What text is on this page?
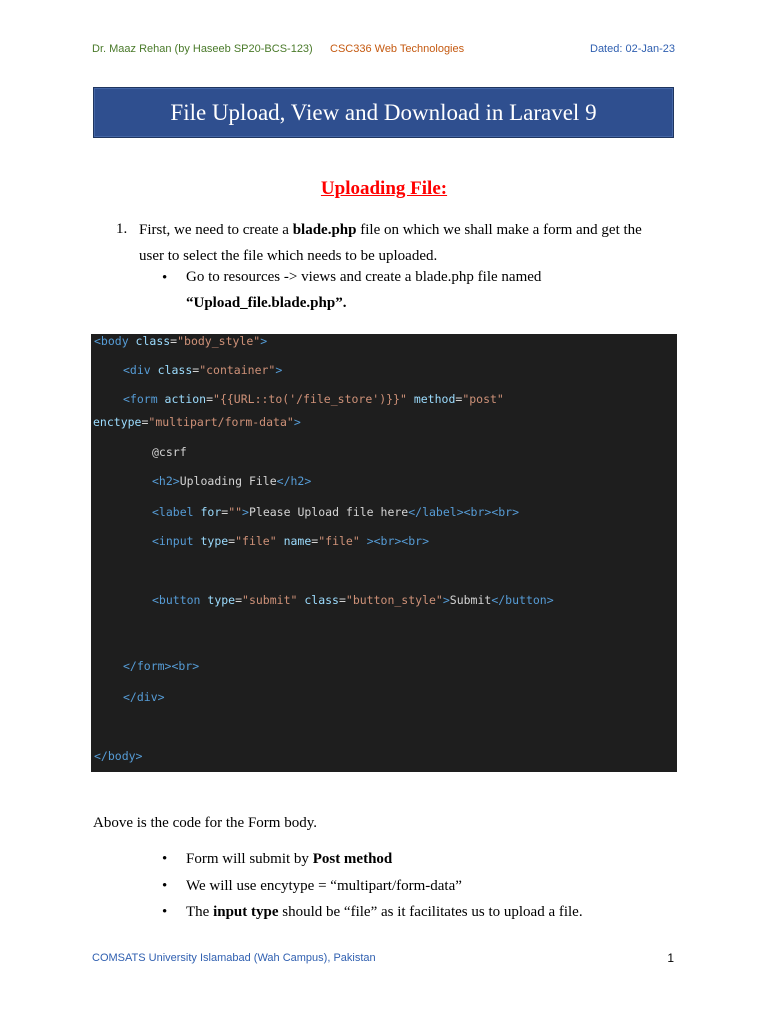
Dr. Maaz Rehan (by Haseeb SP20-BCS-123) CSC336 Web Technologies	Dated: 02-Jan-23
File Upload, View and Download in Laravel 9
Uploading File:
1. First, we need to create a blade.php file on which we shall make a form and get the
user to select the file which needs to be uploaded.
• Go to resources -> views and create a blade.php file named
“Upload_file.blade.php”.
<body class="body_style">
<div class="container">
<form action="{{URL::to('/file_store')}}" method="post"
enctype="multipart/form-data">
@csrf
<h2>Uploading File</h2>
<label for="">Please Upload file here</label><br><br>
<input type="file" name="file" ><br><br>
<button type="submit" class="button_style">Submit</button>
</form><br>
</div>
</body>
Above is the code for the Form body.
• Form will submit by Post method
• We will use encytype = “multipart/form-data”
• The input type should be “file” as it facilitates us to upload a file.
COMSATS University Islamabad (Wah Campus), Pakistan	1
